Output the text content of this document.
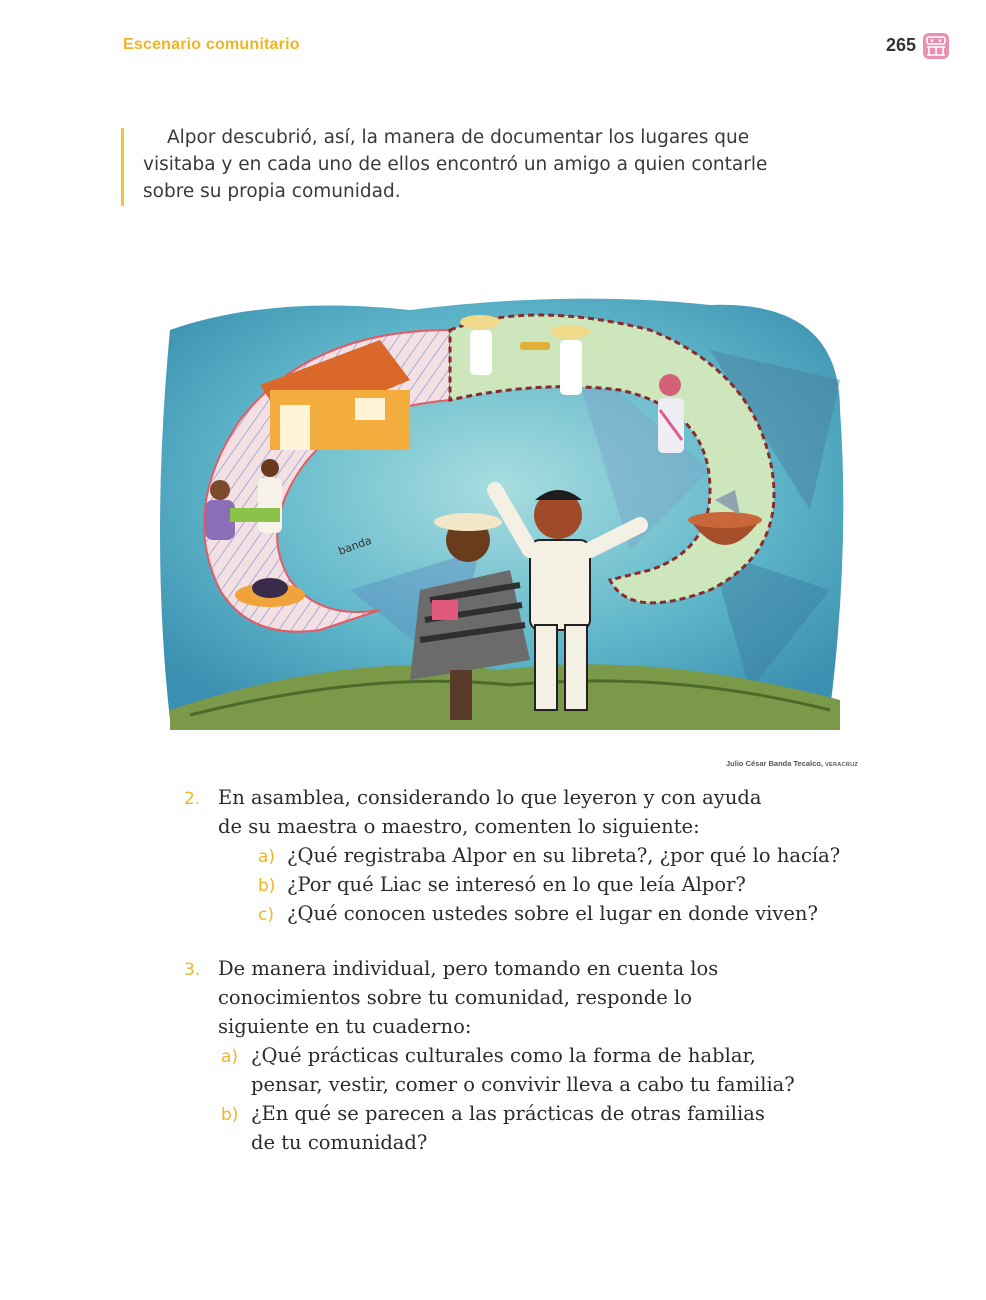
Escenario comunitario	265

Alpor descubrió, así, la manera de documentar los lugares que
visitaba y en cada uno de ellos encontró un amigo a quien contarle
sobre su propia comunidad.

banda
Julio César Banda Tecalco, VERACRUZ
2. En asamblea, considerando lo que leyeron y con ayuda
de su maestra o maestro, comenten lo siguiente:
a) ¿Qué registraba Alpor en su libreta?, ¿por qué lo hacía?
b) ¿Por qué Liac se interesó en lo que leía Alpor?
c) ¿Qué conocen ustedes sobre el lugar en donde viven?
3. De manera individual, pero tomando en cuenta los
conocimientos sobre tu comunidad, responde lo
siguiente en tu cuaderno:
a) ¿Qué prácticas culturales como la forma de hablar,
pensar, vestir, comer o convivir lleva a cabo tu familia?
b) ¿En qué se parecen a las prácticas de otras familias
de tu comunidad?
